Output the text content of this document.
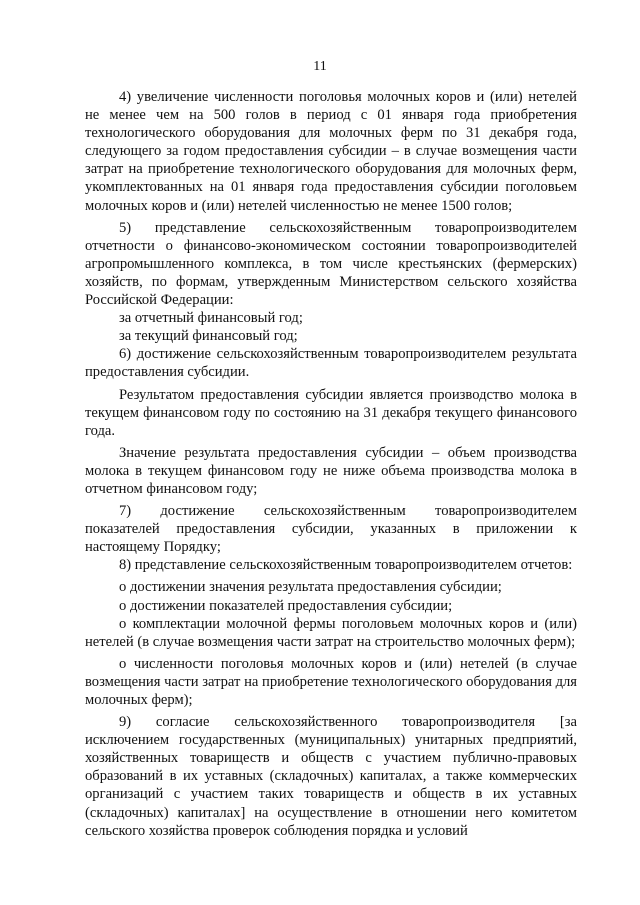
11

4) увеличение численности поголовья молочных коров и (или) нетелей не менее чем на 500 голов в период с 01 января года приобретения технологического оборудования для молочных ферм по 31 декабря года, следующего за годом предоставления субсидии – в случае возмещения части затрат на приобретение технологического оборудования для молочных ферм, укомплектованных на 01 января года предоставления субсидии поголовьем молочных коров и (или) нетелей численностью не менее 1500 голов;

5) представление сельскохозяйственным товаропроизводителем отчетности о финансово-экономическом состоянии товаропроизводителей агропромышленного комплекса, в том числе крестьянских (фермерских) хозяйств, по формам, утвержденным Министерством сельского хозяйства Российской Федерации:

за отчетный финансовый год;

за текущий финансовый год;

6) достижение сельскохозяйственным товаропроизводителем результата предоставления субсидии.

Результатом предоставления субсидии является производство молока в текущем финансовом году по состоянию на 31 декабря текущего финансового года.

Значение результата предоставления субсидии – объем производства молока в текущем финансовом году не ниже объема производства молока в отчетном финансовом году;

7) достижение сельскохозяйственным товаропроизводителем показателей предоставления субсидии, указанных в приложении к настоящему Порядку;

8) представление сельскохозяйственным товаропроизводителем отчетов:

о достижении значения результата предоставления субсидии;

о достижении показателей предоставления субсидии;

о комплектации молочной фермы поголовьем молочных коров и (или) нетелей (в случае возмещения части затрат на строительство молочных ферм);

о численности поголовья молочных коров и (или) нетелей (в случае возмещения части затрат на приобретение технологического оборудования для молочных ферм);

9) согласие сельскохозяйственного товаропроизводителя [за исключением государственных (муниципальных) унитарных предприятий, хозяйственных товариществ и обществ с участием публично-правовых образований в их уставных (складочных) капиталах, а также коммерческих организаций с участием таких товариществ и обществ в их уставных (складочных) капиталах] на осуществление в отношении него комитетом сельского хозяйства проверок соблюдения порядка и условий
